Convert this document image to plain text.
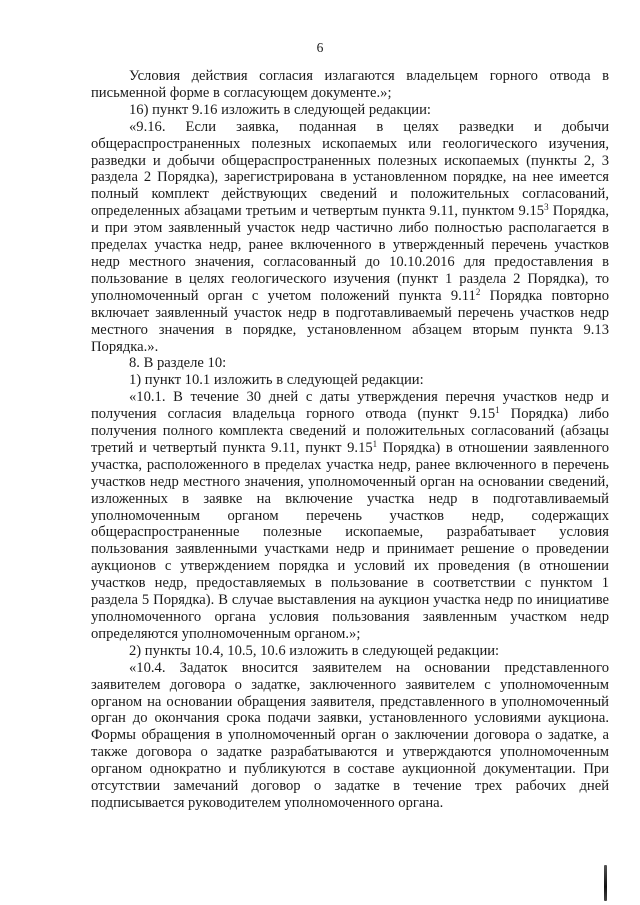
6

Условия действия согласия излагаются владельцем горного отвода в письменной форме в согласующем документе.»;

16) пункт 9.16 изложить в следующей редакции:

«9.16. Если заявка, поданная в целях разведки и добычи общераспространенных полезных ископаемых или геологического изучения, разведки и добычи общераспространенных полезных ископаемых (пункты 2, 3 раздела 2 Порядка), зарегистрирована в установленном порядке, на нее имеется полный комплект действующих сведений и положительных согласований, определенных абзацами третьим и четвертым пункта 9.11, пунктом 9.15$^3$ Порядка, и при этом заявленный участок недр частично либо полностью располагается в пределах участка недр, ранее включенного в утвержденный перечень участков недр местного значения, согласованный до 10.10.2016 для предоставления в пользование в целях геологического изучения (пункт 1 раздела 2 Порядка), то уполномоченный орган с учетом положений пункта 9.11$^2$ Порядка повторно включает заявленный участок недр в подготавливаемый перечень участков недр местного значения в порядке, установленном абзацем вторым пункта 9.13 Порядка.».

8. В разделе 10:

1) пункт 10.1 изложить в следующей редакции:

«10.1. В течение 30 дней с даты утверждения перечня участков недр и получения согласия владельца горного отвода (пункт 9.15$^1$ Порядка) либо получения полного комплекта сведений и положительных согласований (абзацы третий и четвертый пункта 9.11, пункт 9.15$^1$ Порядка) в отношении заявленного участка, расположенного в пределах участка недр, ранее включенного в перечень участков недр местного значения, уполномоченный орган на основании сведений, изложенных в заявке на включение участка недр в подготавливаемый уполномоченным органом перечень участков недр, содержащих общераспространенные полезные ископаемые, разрабатывает условия пользования заявленными участками недр и принимает решение о проведении аукционов с утверждением порядка и условий их проведения (в отношении участков недр, предоставляемых в пользование в соответствии с пунктом 1 раздела 5 Порядка). В случае выставления на аукцион участка недр по инициативе уполномоченного органа условия пользования заявленным участком недр определяются уполномоченным органом.»;

2) пункты 10.4, 10.5, 10.6 изложить в следующей редакции:

«10.4. Задаток вносится заявителем на основании представленного заявителем договора о задатке, заключенного заявителем с уполномоченным органом на основании обращения заявителя, представленного в уполномоченный орган до окончания срока подачи заявки, установленного условиями аукциона. Формы обращения в уполномоченный орган о заключении договора о задатке, а также договора о задатке разрабатываются и утверждаются уполномоченным органом однократно и публикуются в составе аукционной документации. При отсутствии замечаний договор о задатке в течение трех рабочих дней подписывается руководителем уполномоченного органа.
